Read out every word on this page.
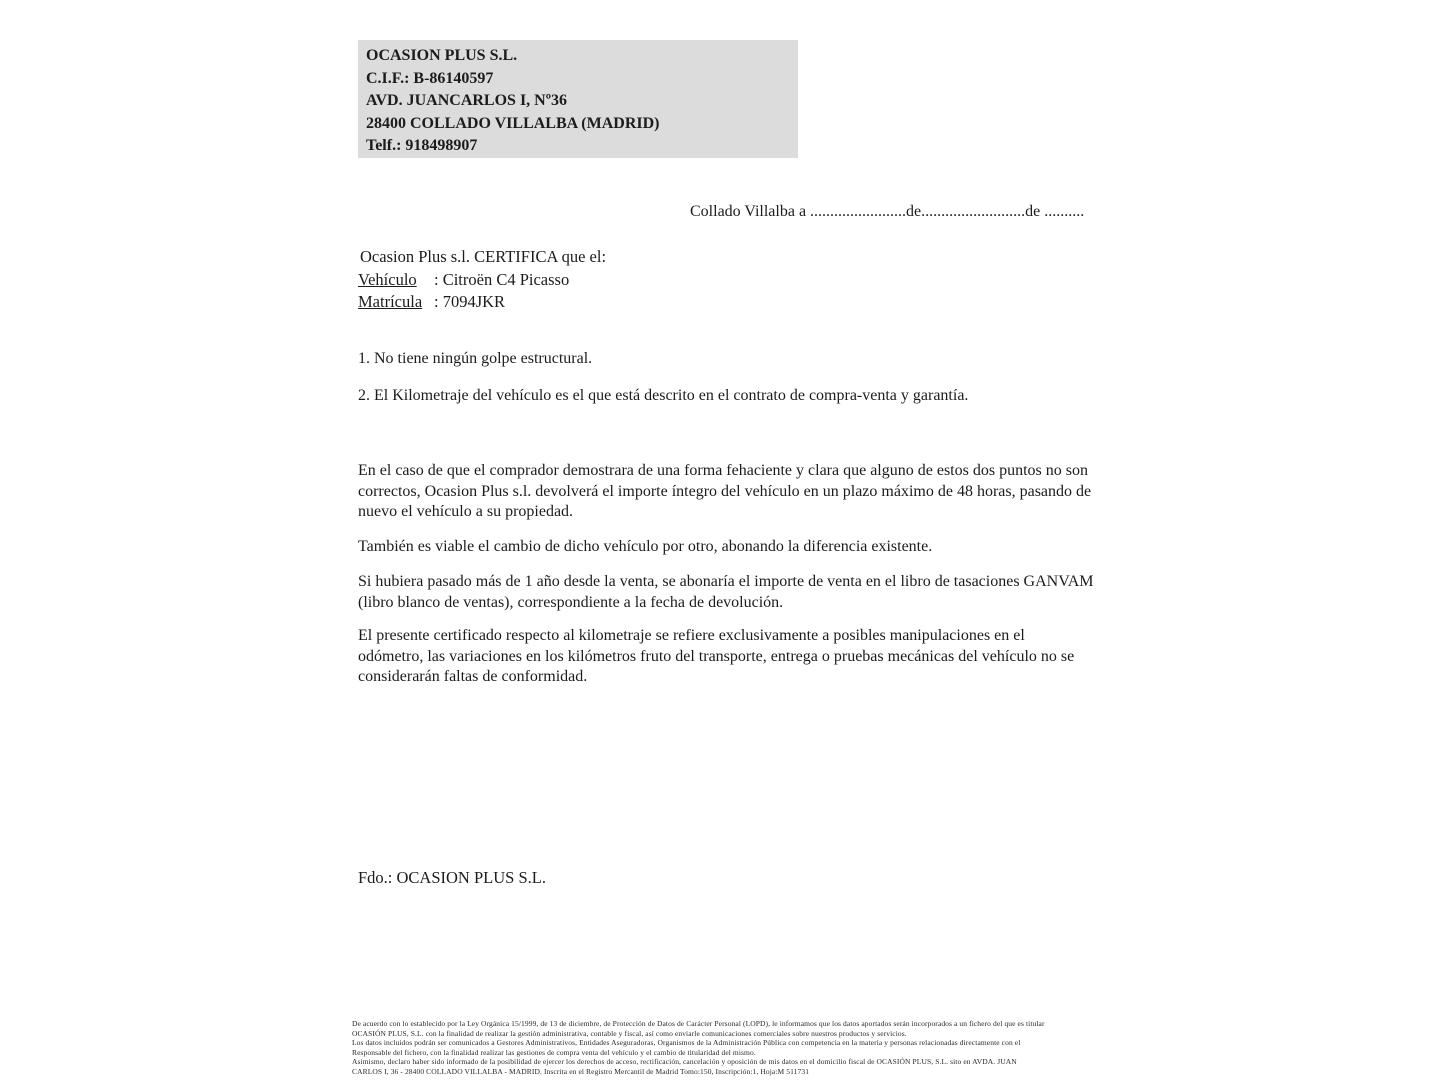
OCASION PLUS S.L.
C.I.F.: B-86140597
AVD. JUANCARLOS I, Nº36
28400 COLLADO VILLALBA (MADRID)
Telf.: 918498907
Collado Villalba a ........................de..........................de ..........
Ocasion Plus s.l. CERTIFICA que el:
Vehículo : Citroën C4 Picasso
Matrícula : 7094JKR
1. No tiene ningún golpe estructural.
2. El Kilometraje del vehículo es el que está descrito en el contrato de compra-venta y garantía.
En el caso de que el comprador demostrara de una forma fehaciente y clara que alguno de estos dos puntos no son correctos, Ocasion Plus s.l. devolverá el importe íntegro del vehículo en un plazo máximo de 48 horas, pasando de nuevo el vehículo a su propiedad.
También es viable el cambio de dicho vehículo por otro, abonando la diferencia existente.
Si hubiera pasado más de 1 año desde la venta, se abonaría el importe de venta en el libro de tasaciones GANVAM (libro blanco de ventas), correspondiente a la fecha de devolución.
El presente certificado respecto al kilometraje se refiere exclusivamente a posibles manipulaciones en el odómetro, las variaciones en los kilómetros fruto del transporte, entrega o pruebas mecánicas del vehículo no se considerarán faltas de conformidad.
Fdo.: OCASION PLUS S.L.
De acuerdo con lo establecido por la Ley Orgánica 15/1999, de 13 de diciembre, de Protección de Datos de Carácter Personal (LOPD), le informamos que los datos aportados serán incorporados a un fichero del que es titular
OCASIÓN PLUS, S.L. con la finalidad de realizar la gestión administrativa, contable y fiscal, así como enviarle comunicaciones comerciales sobre nuestros productos y servicios.
Los datos incluidos podrán ser comunicados a Gestores Administrativos, Entidades Aseguradoras, Organismos de la Administración Pública con competencia en la materia y personas relacionadas directamente con el
Responsable del fichero, con la finalidad realizar las gestiones de compra venta del vehículo y el cambio de titularidad del mismo.
Asimismo, declaro haber sido informado de la posibilidad de ejercer los derechos de acceso, rectificación, cancelación y oposición de mis datos en el domicilio fiscal de OCASIÓN PLUS, S.L. sito en AVDA. JUAN
CARLOS I, 36 - 28400 COLLADO VILLALBA - MADRID. Inscrita en el Registro Mercantil de Madrid Tomo:150, Inscripción:1, Hoja:M 511731
